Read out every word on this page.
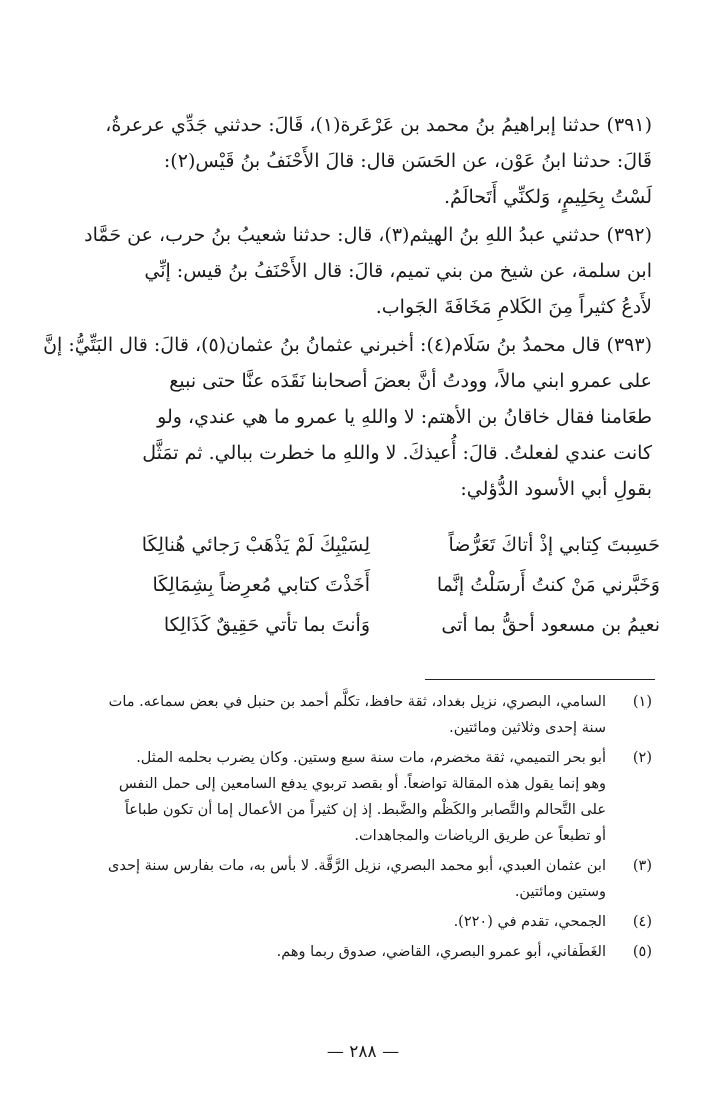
(٣٩١) حدثنا إبراهيمُ بنُ محمد بن عَرْعَرة(١)، قَالَ: حدثني جَدِّي عرعرةُ،
قَالَ: حدثنا ابنُ عَوْن، عن الحَسَن قال: قالَ الأَحْنَفُ بنُ قَيْس(٢):
لَسْتُ بِحَلِيمٍ، وَلكنِّي أَتَحالَمُ.
(٣٩٢) حدثني عبدُ اللهِ بنُ الهيثم(٣)، قال: حدثنا شعيبُ بنُ حرب، عن حَمَّاد
ابن سلمة، عن شيخ من بني تميم، قالَ: قال الأَحْنَفُ بنُ قيس: إنِّي
لأَدعُ كثيراً مِنَ الكَلامِ مَخَافَةَ الجَواب.
(٣٩٣) قال محمدُ بنُ سَلَام(٤): أخبرني عثمانُ بنُ عثمان(٥)، قالَ: قال البَتِّيُّ: إنَّ
على عمرو ابني مالاً، وودتُ أنَّ بعضَ أصحابنا نَقَدَه عنَّا حتى نبيع
طعَامنا فقال خاقانُ بن الأهتم: لا واللهِ يا عمرو ما هي عندي، ولو
كانت عندي لفعلتُ. قالَ: أُعيذكَ. لا واللهِ ما خطرت ببالي. ثم تمَثَّل
بقولِ أبي الأسود الدُّؤلي:
حَسِبتَ كِتابي إذْ أتاكَ تَعَرُّضاً
لِسَيْبِكَ لَمْ يَذْهَبْ رَجائي هُنالِكَا
وَخَبَّرني مَنْ كنتُ أَرسَلْتُ إنَّما
أَخَذْتَ كتابي مُعرِضاً بِشِمَالِكَا
نعيمُ بن مسعود أحقُّ بما أتى
وَأنتَ بما تأتي حَقِيقٌ كَذَالِكا
(١)
السامي، البصري، نزيل بغداد، ثقة حافظ، تكلَّم أحمد بن حنبل في بعض سماعه. مات
سنة إحدى وثلاثين ومائتين.
(٢)
أبو بحر التميمي، ثقة مخضرم، مات سنة سبع وستين. وكان يضرب بحلمه المثل.
وهو إنما يقول هذه المقالة تواضعاً. أو بقصد تربوي يدفع السامعين إلى حمل النفس
على التَّحالم والتَّصابر والكَظْم والضَّبط. إذ إن كثيراً من الأعمال إما أن تكون طباعاً
أو تطبعاً عن طريق الرياضات والمجاهدات.
(٣)
ابن عثمان العبدي، أبو محمد البصري، نزيل الرَّقَّة. لا بأس به، مات بفارس سنة إحدى
وستين ومائتين.
(٤)
الجمحي، تقدم في (٢٢٠).
(٥)
الغَطَفاني، أبو عمرو البصري، القاضي، صدوق ربما وهم.
— ٢٨٨ —
